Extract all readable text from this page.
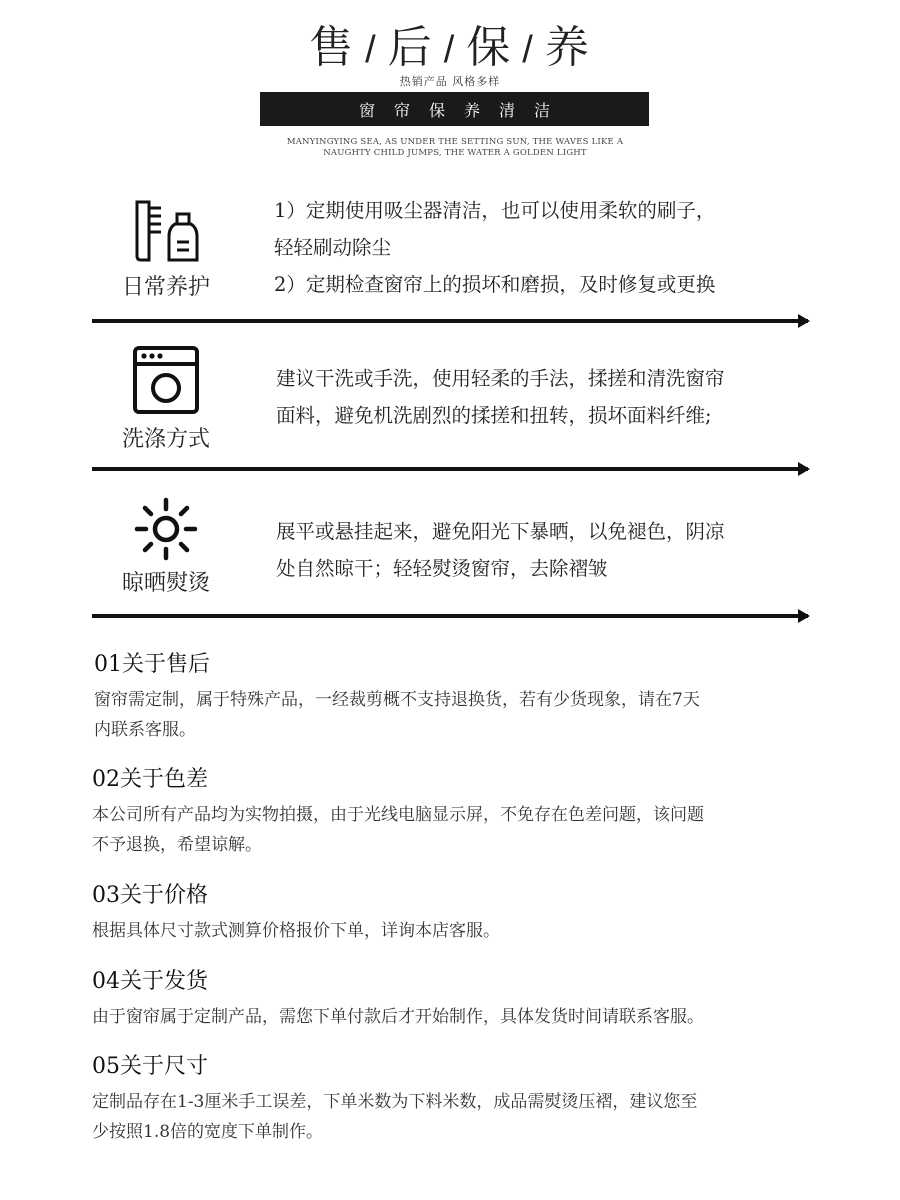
售 / 后 / 保 / 养
热销产品 风格多样
窗帘保养清洁
MANYINGYING SEA, AS UNDER THE SETTING SUN, THE WAVES LIKE A
NAUGHTY CHILD JUMPS, THE WATER A GOLDEN LIGHT
日常养护
1）定期使用吸尘器清洁，也可以使用柔软的刷子，
轻轻刷动除尘
2）定期检查窗帘上的损坏和磨损，及时修复或更换
洗涤方式
建议干洗或手洗，使用轻柔的手法，揉搓和清洗窗帘
面料，避免机洗剧烈的揉搓和扭转，损坏面料纤维;
晾晒熨烫
展平或悬挂起来，避免阳光下暴晒，以免褪色，阴凉
处自然晾干；轻轻熨烫窗帘，去除褶皱
01关于售后

窗帘需定制，属于特殊产品，一经裁剪概不支持退换货，若有少货现象，请在7天
内联系客服。

02关于色差

本公司所有产品均为实物拍摄，由于光线电脑显示屏，不免存在色差问题，该问题
不予退换，希望谅解。

03关于价格

根据具体尺寸款式测算价格报价下单，详询本店客服。

04关于发货

由于窗帘属于定制产品，需您下单付款后才开始制作，具体发货时间请联系客服。

05关于尺寸

定制品存在1-3厘米手工误差，下单米数为下料米数，成品需熨烫压褶，建议您至
少按照1.8倍的宽度下单制作。
